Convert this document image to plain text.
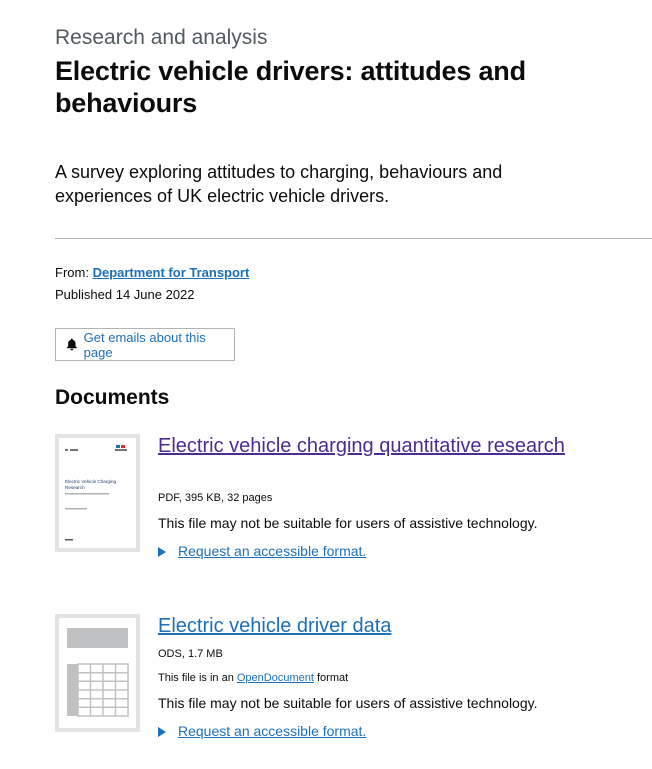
Research and analysis
Electric vehicle drivers: attitudes and behaviours
A survey exploring attitudes to charging, behaviours and experiences of UK electric vehicle drivers.
From: Department for Transport
Published 14 June 2022
Get emails about this page
Documents
Electric Vehicle Charging
Research
Electric vehicle charging quantitative research
PDF, 395 KB, 32 pages
This file may not be suitable for users of assistive technology.
Request an accessible format.
Electric vehicle driver data
ODS, 1.7 MB
This file is in an OpenDocument format
This file may not be suitable for users of assistive technology.
Request an accessible format.
